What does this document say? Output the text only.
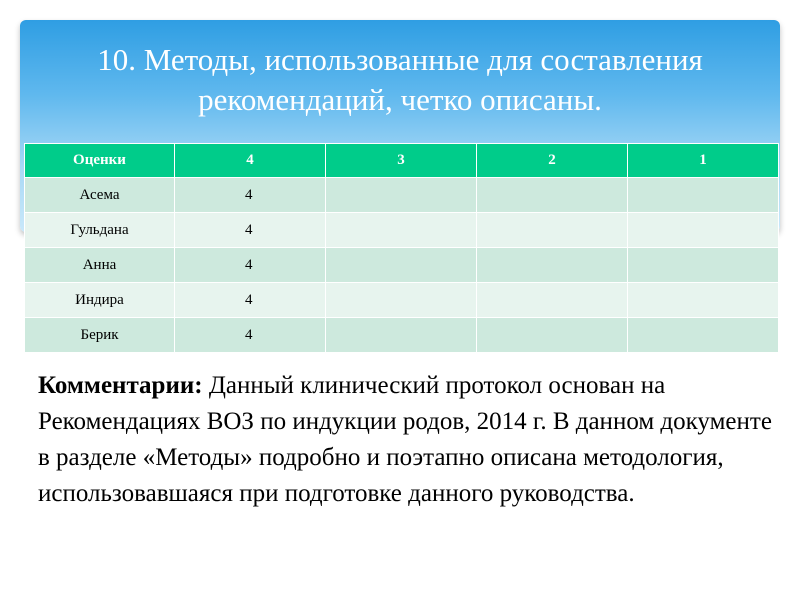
10. Методы, использованные для составления
рекомендаций, четко описаны.
Оценки	4	3	2	1
Асема	4			
Гульдана	4			
Анна	4			
Индира	4			
Берик	4			
Комментарии: Данный клинический протокол основан на Рекомендациях ВОЗ по индукции родов, 2014 г. В данном документе в разделе «Методы» подробно и поэтапно описана методология, использовавшаяся при подготовке данного руководства.
